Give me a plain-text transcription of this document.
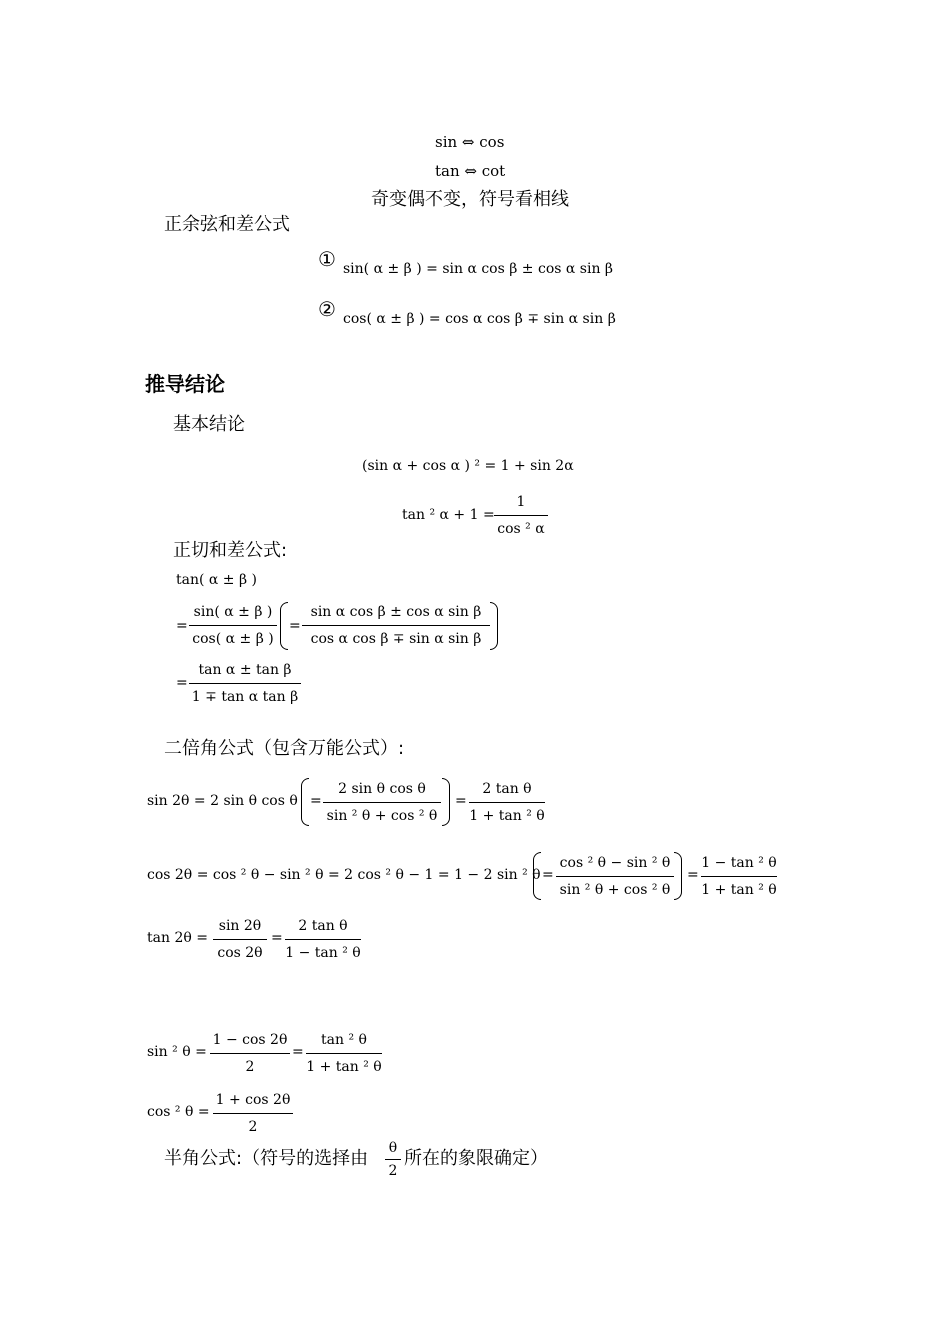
sin ⇔ cos
tan ⇔ cot
奇变偶不变，符号看相线
正余弦和差公式
① sin( α ± β ) = sin α cos β ± cos α sin β
② cos( α ± β ) = cos α cos β ∓ sin α sin β
推导结论
基本结论
(sin α + cos α ) ² = 1 + sin 2α
tan ² α + 1 =
1
cos ² α
正切和差公式:
tan( α ± β )
=
sin( α ± β )
cos( α ± β )
=
sin α cos β ± cos α sin β
cos α cos β ∓ sin α sin β
=
tan α ± tan β
1 ∓ tan α tan β
二倍角公式（包含万能公式）:
sin 2θ = 2 sin θ cos θ =
2 sin θ cos θ
sin ² θ + cos ² θ
=
2 tan θ
1 + tan ² θ
cos 2θ = cos ² θ − sin ² θ = 2 cos ² θ − 1 = 1 − 2 sin ² θ =
cos ² θ − sin ² θ
sin ² θ + cos ² θ
=
1 − tan ² θ
1 + tan ² θ
tan 2θ =
sin 2θ
cos 2θ
=
2 tan θ
1 − tan ² θ
sin ² θ =
1 − cos 2θ
2
=
tan ² θ
1 + tan ² θ
cos ² θ =
1 + cos 2θ
2
半角公式:（符号的选择由 θ
2
所在的象限确定）
